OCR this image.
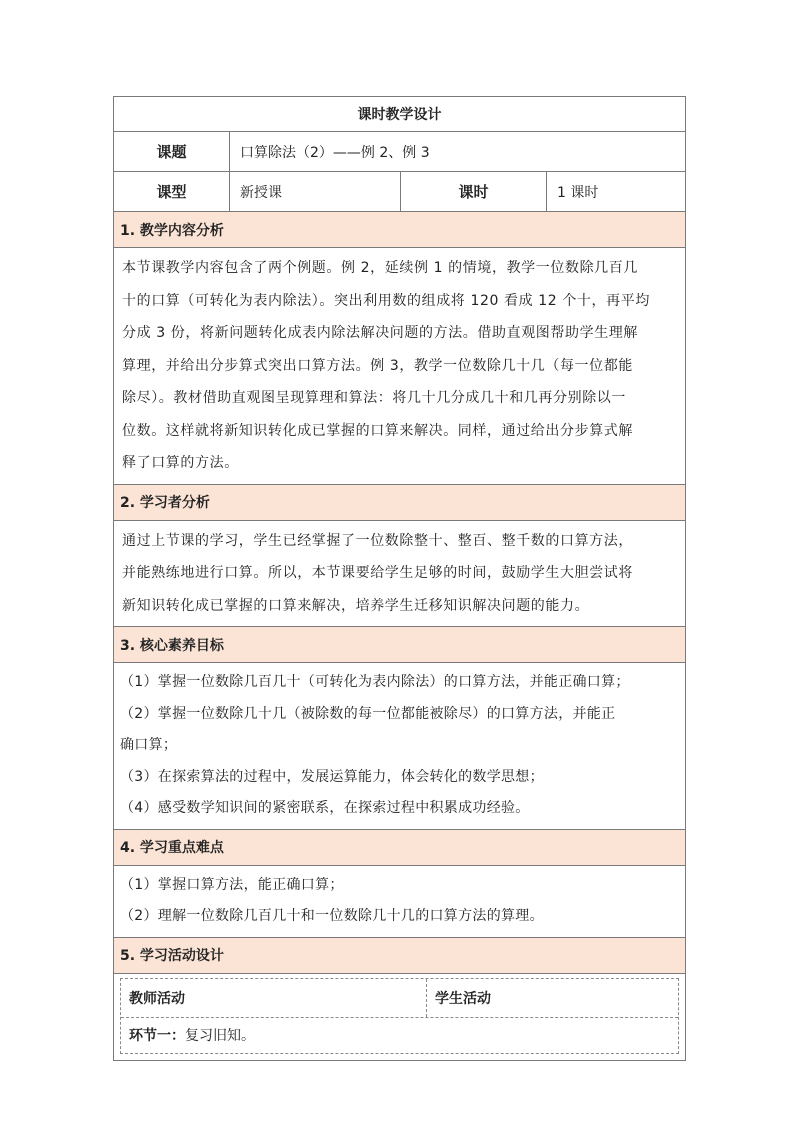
课时教学设计
课题	口算除法（2）——例 2、例 3
课型	新授课	课时	1 课时
1. 教学内容分析
本节课教学内容包含了两个例题。例 2，延续例 1 的情境，教学一位数除几百几
十的口算（可转化为表内除法）。突出利用数的组成将 120 看成 12 个十，再平均
分成 3 份，将新问题转化成表内除法解决问题的方法。借助直观图帮助学生理解
算理，并给出分步算式突出口算方法。例 3，教学一位数除几十几（每一位都能
除尽）。教材借助直观图呈现算理和算法：将几十几分成几十和几再分别除以一
位数。这样就将新知识转化成已掌握的口算来解决。同样，通过给出分步算式解
释了口算的方法。
2. 学习者分析
通过上节课的学习，学生已经掌握了一位数除整十、整百、整千数的口算方法，
并能熟练地进行口算。所以，本节课要给学生足够的时间，鼓励学生大胆尝试将
新知识转化成已掌握的口算来解决，培养学生迁移知识解决问题的能力。
3. 核心素养目标
（1）掌握一位数除几百几十（可转化为表内除法）的口算方法，并能正确口算；
（2）掌握一位数除几十几（被除数的每一位都能被除尽）的口算方法，并能正
确口算；
（3）在探索算法的过程中，发展运算能力，体会转化的数学思想；
（4）感受数学知识间的紧密联系，在探索过程中积累成功经验。
4. 学习重点难点
（1）掌握口算方法，能正确口算；
（2）理解一位数除几百几十和一位数除几十几的口算方法的算理。
5. 学习活动设计
教师活动	学生活动
环节一： 复习旧知。
